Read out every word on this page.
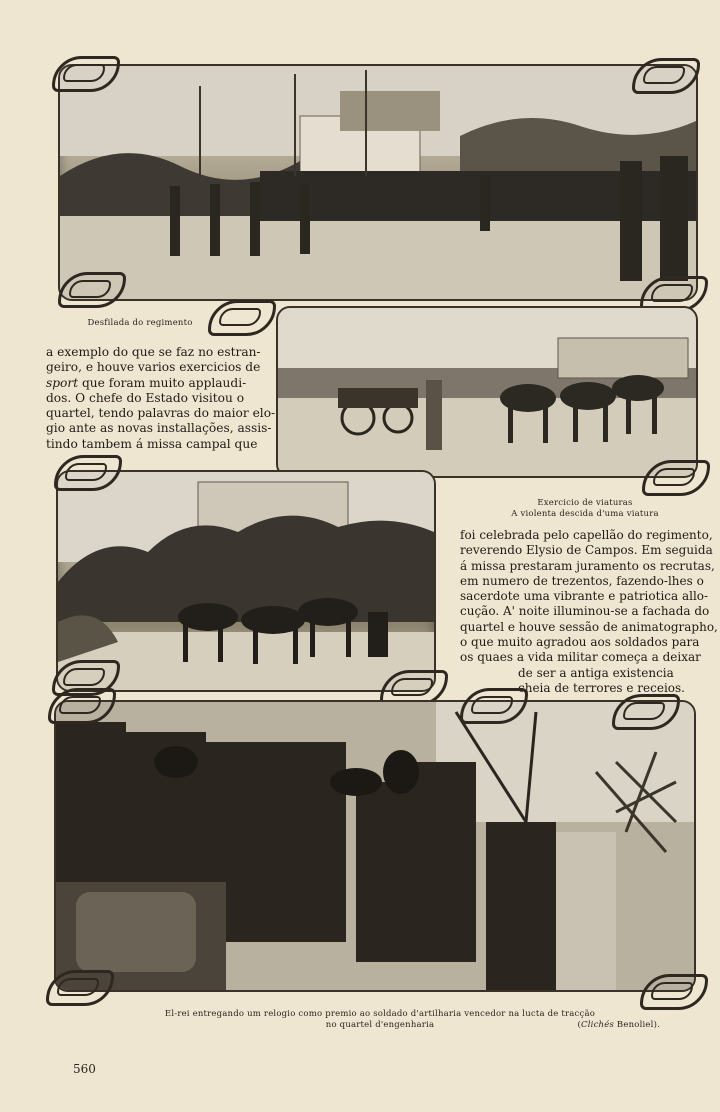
Desfilada do regimento
a exemplo do que se faz no estran-
geiro, e houve varios exercicios de
sport que foram muito applaudi-
dos. O chefe do Estado visitou o
quartel, tendo palavras do maior elo-
gio ante as novas installações, assis-
tindo tambem á missa campal que
Exercicio de viaturas
A violenta descida d'uma viatura
foi celebrada pelo capellão do regimento,
reverendo Elysio de Campos. Em seguida
á missa prestaram juramento os recrutas,
em numero de trezentos, fazendo-lhes o
sacerdote uma vibrante e patriotica allo-
cução. A' noite illuminou-se a fachada do
quartel e houve sessão de animatographo,
o que muito agradou aos soldados para
os quaes a vida militar começa a deixar
de ser a antiga existencia
cheia de terrores e receios.
El-rei entregando um relogio como premio ao soldado d'artilharia vencedor na lucta de tracção
no quartel d'engenharia	(Clichés Benoliel).
560
